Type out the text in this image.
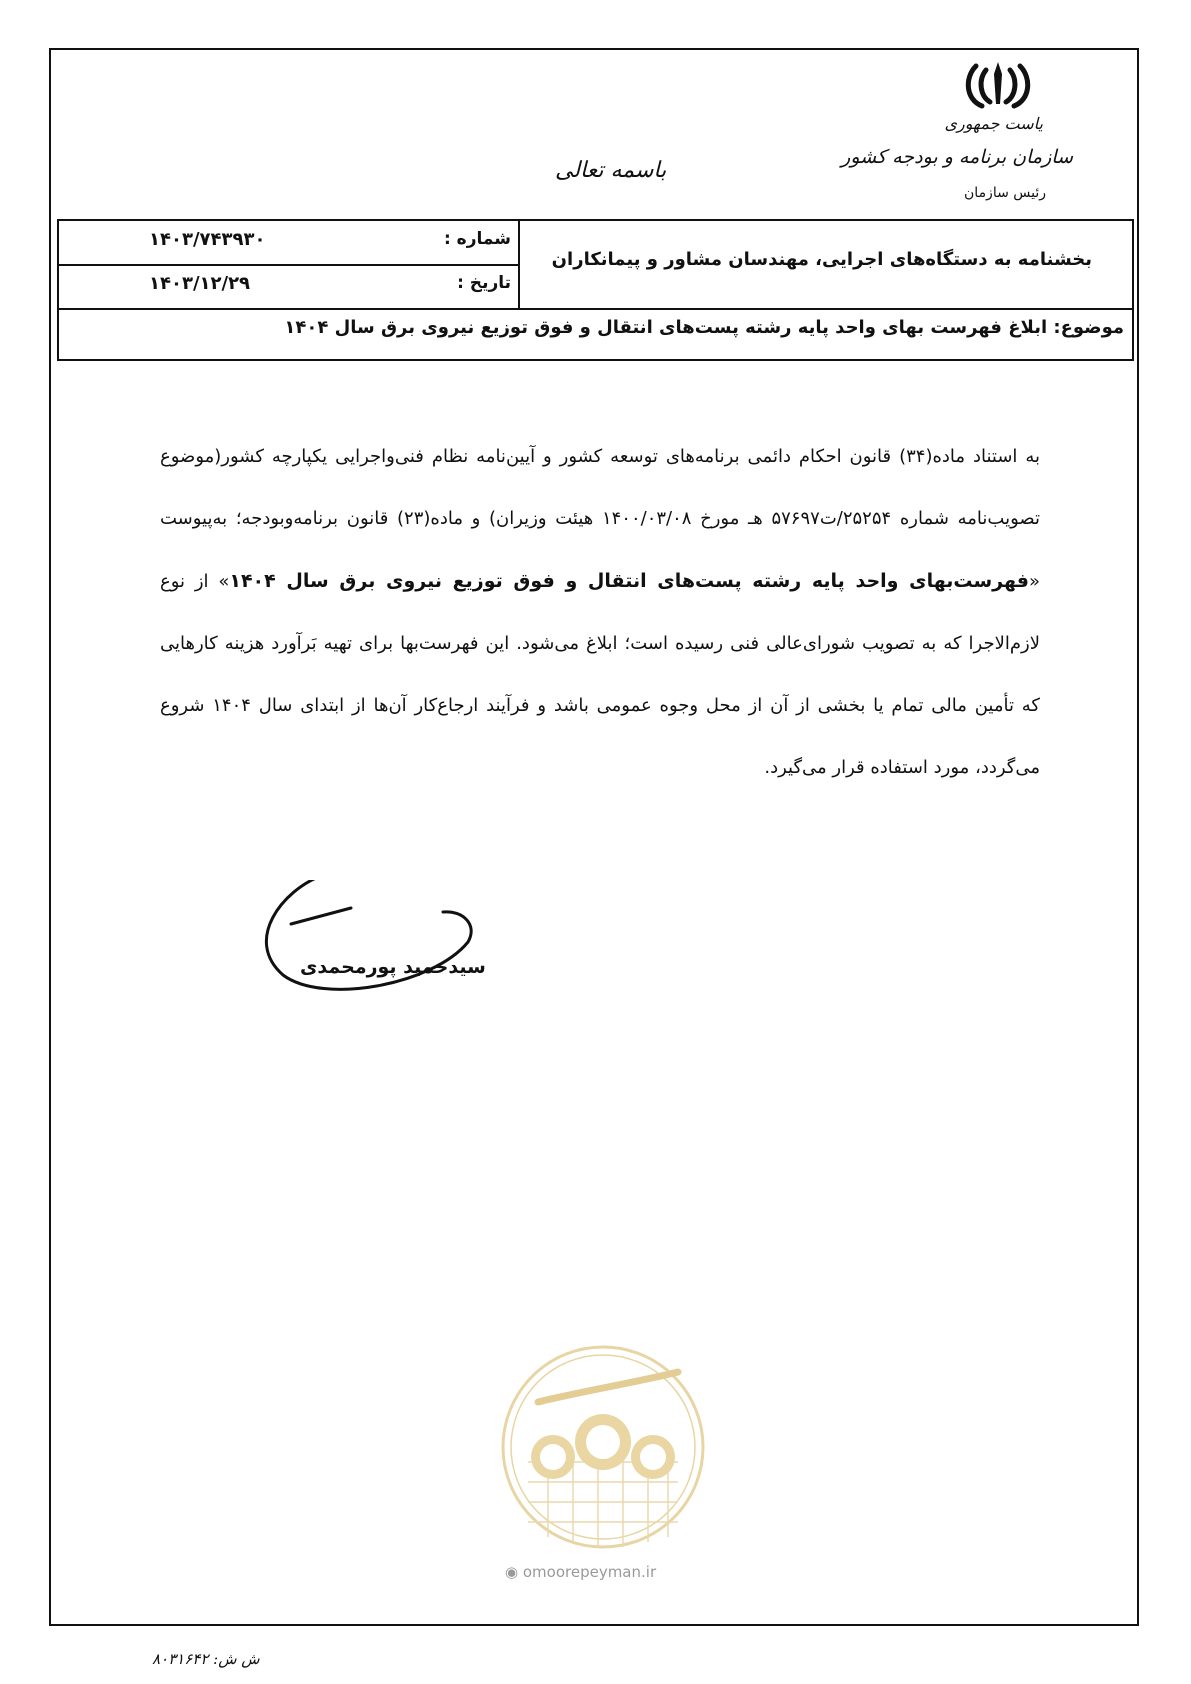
یاست جمهوری
سازمان برنامه و بودجه کشور
رئیس سازمان
باسمه تعالی
شماره :
۱۴۰۳/۷۴۳۹۳۰
تاریخ :
۱۴۰۳/۱۲/۲۹
بخشنامه به دستگاه‌های اجرایی، مهندسان مشاور و پیمانکاران
موضوع: ابلاغ فهرست بهای واحد پایه رشته پست‌های انتقال و فوق توزیع نیروی برق سال ۱۴۰۴
به استناد ماده(۳۴) قانون احکام دائمی برنامه‌های توسعه کشور و آیین‌نامه نظام فنی‌واجرایی یکپارچه کشور(موضوع تصویب‌نامه شماره ۲۵۲۵۴/ت۵۷۶۹۷ هـ مورخ ۱۴۰۰/۰۳/۰۸ هیئت وزیران) و ماده(۲۳) قانون برنامه‌وبودجه؛ به‌پیوست «فهرست‌بهای واحد پایه رشته پست‌های انتقال و فوق توزیع نیروی برق سال ۱۴۰۴» از نوع لازم‌الاجرا که به تصویب شورای‌عالی فنی رسیده است؛ ابلاغ می‌شود. این فهرست‌بها برای تهیه بَرآورد هزینه کارهایی که تأمین مالی تمام یا بخشی از آن از محل وجوه عمومی باشد و فرآیند ارجاع‌کار آن‌ها از ابتدای سال ۱۴۰۴ شروع می‌گردد، مورد استفاده قرار می‌گیرد.
سیدحمید پورمحمدی
◉ omoorepeyman.ir
ش ش: ۸۰۳۱۶۴۲
